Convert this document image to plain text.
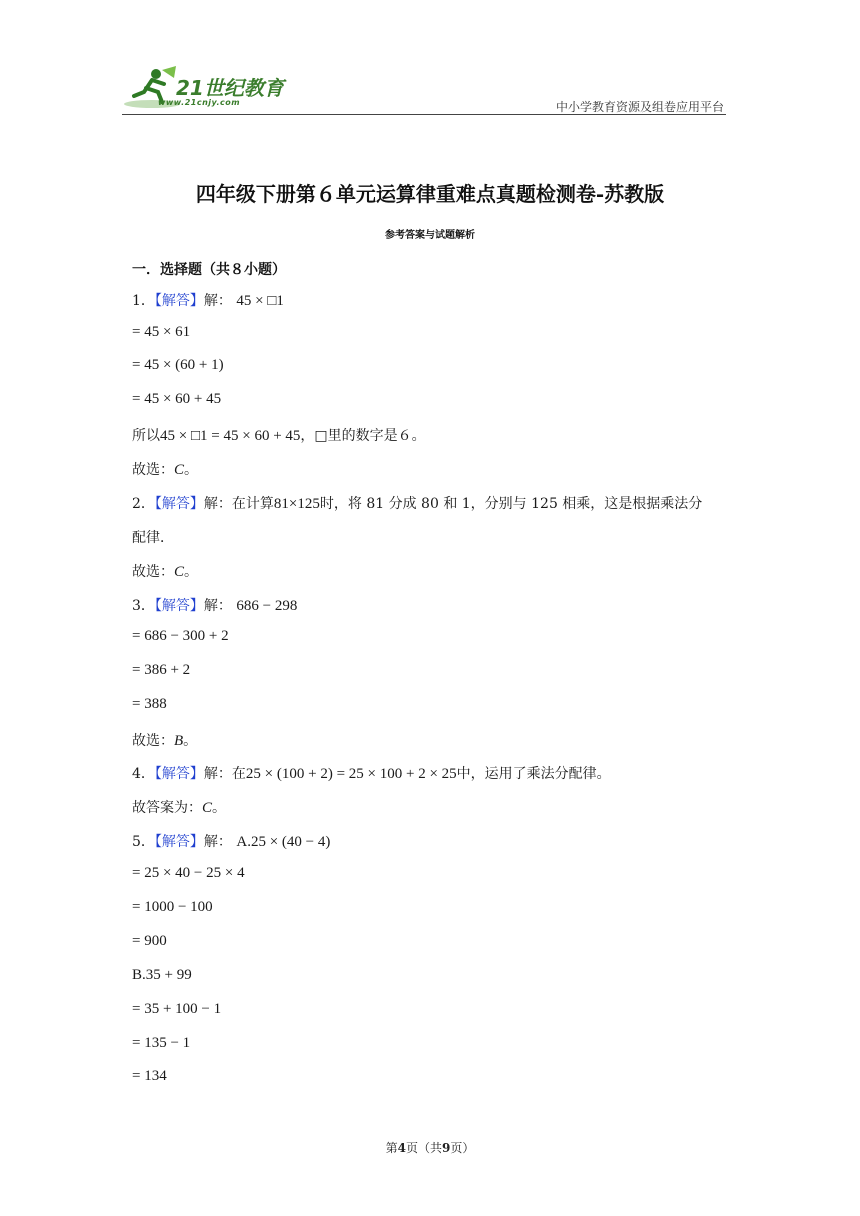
21世纪教育
www.21cnjy.com	中小学教育资源及组卷应用平台
四年级下册第６单元运算律重难点真题检测卷-苏教版
参考答案与试题解析
一．选择题（共８小题）
1．【解答】解： 45 × □1
= 45 × 61
= 45 × (60 + 1)
= 45 × 60 + 45
所以45 × □1 = 45 × 60 + 45，□里的数字是６。
故选：C。
2．【解答】解：在计算81×125时，将 81 分成 80 和 1，分别与 125 相乘，这是根据乘法分
配律．
故选：C。
3．【解答】解： 686 − 298
= 686 − 300 + 2
= 386 + 2
= 388
故选：B。
4．【解答】解：在25 × (100 + 2) = 25 × 100 + 2 × 25中，运用了乘法分配律。
故答案为：C。
5．【解答】解： A.25 × (40 − 4)
= 25 × 40 − 25 × 4
= 1000 − 100
= 900
B.35 + 99
= 35 + 100 − 1
= 135 − 1
= 134
第4页（共9页）
